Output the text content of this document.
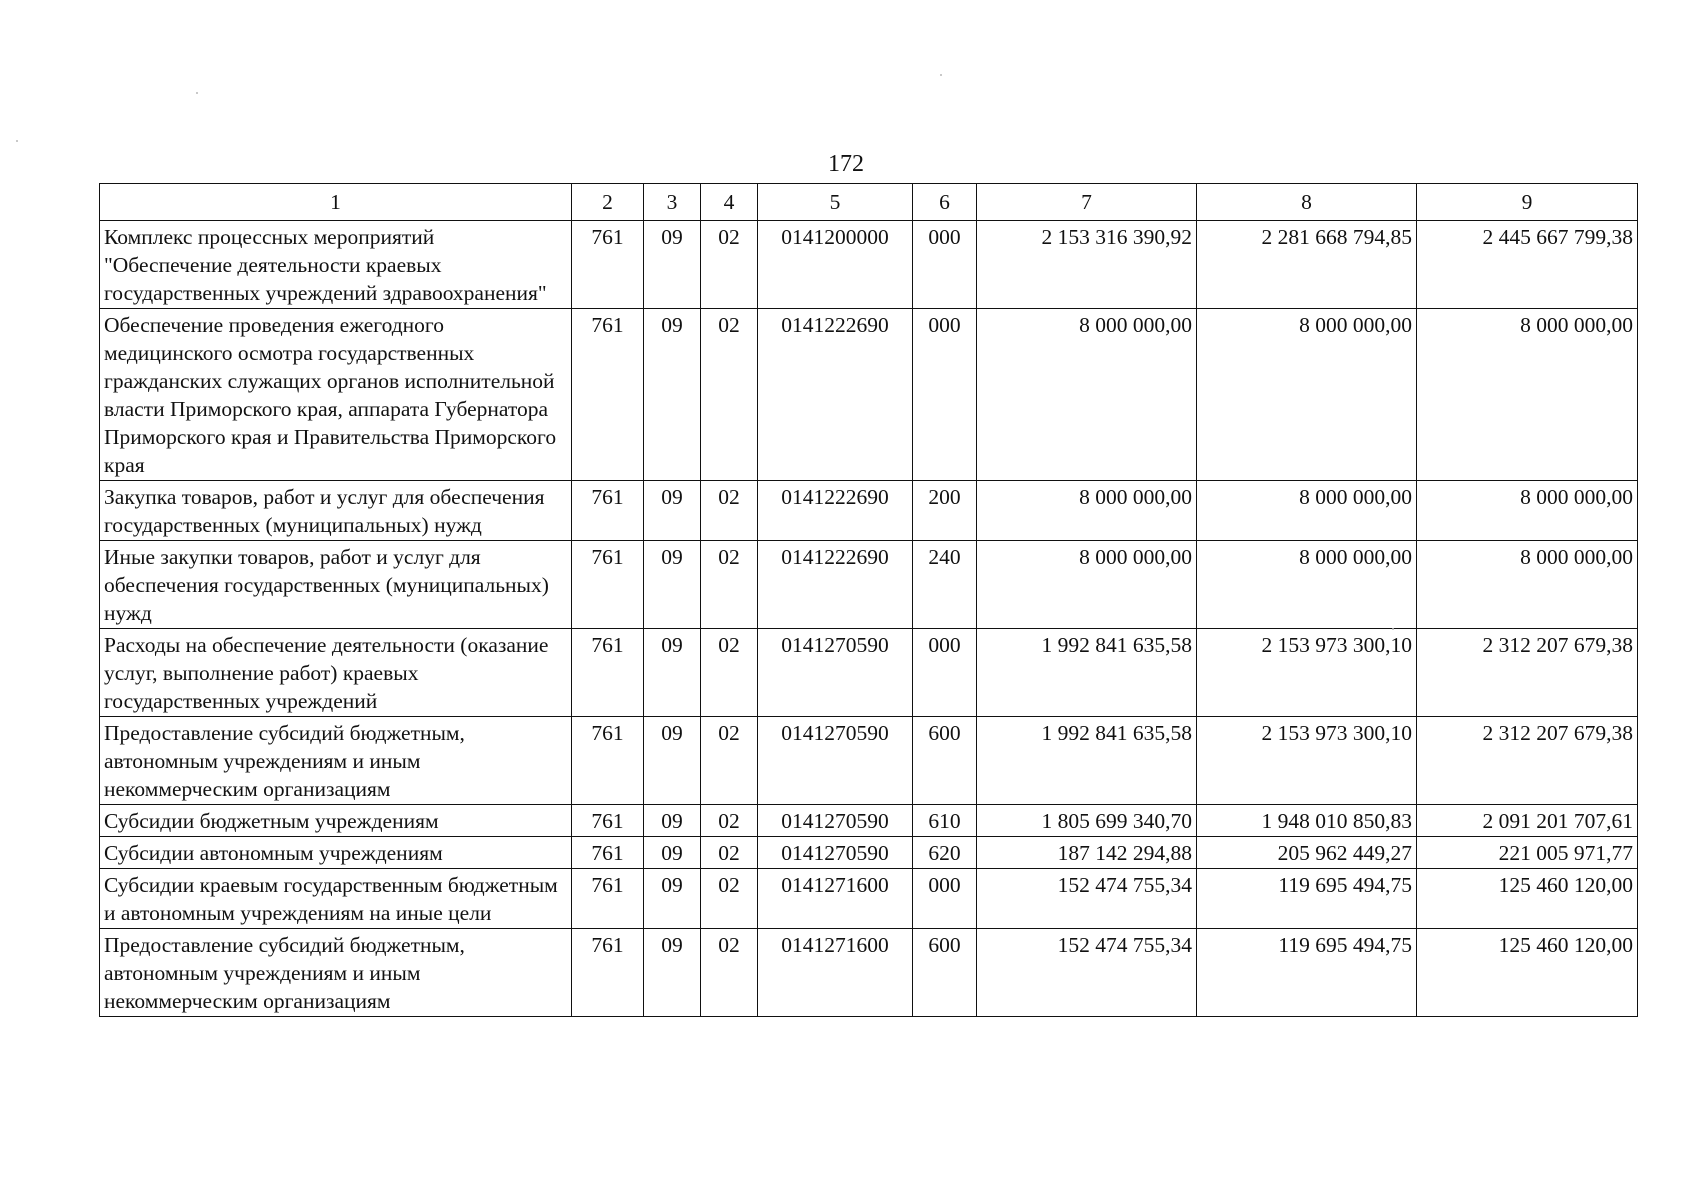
172
1	2	3	4	5	6	7	8	9
Комплекс процессных мероприятий "Обеспечение деятельности краевых государственных учреждений здравоохранения"	761	09	02	0141200000	000	2 153 316 390,92	2 281 668 794,85	2 445 667 799,38
Обеспечение проведения ежегодного медицинского осмотра государственных гражданских служащих органов исполнительной власти Приморского края, аппарата Губернатора Приморского края и Правительства Приморского края	761	09	02	0141222690	000	8 000 000,00	8 000 000,00	8 000 000,00
Закупка товаров, работ и услуг для обеспечения государственных (муниципальных) нужд	761	09	02	0141222690	200	8 000 000,00	8 000 000,00	8 000 000,00
Иные закупки товаров, работ и услуг для обеспечения государственных (муниципальных) нужд	761	09	02	0141222690	240	8 000 000,00	8 000 000,00	8 000 000,00
Расходы на обеспечение деятельности (оказание услуг, выполнение работ) краевых государственных учреждений	761	09	02	0141270590	000	1 992 841 635,58	2 153 973 300,10	2 312 207 679,38
Предоставление субсидий бюджетным, автономным учреждениям и иным некоммерческим организациям	761	09	02	0141270590	600	1 992 841 635,58	2 153 973 300,10	2 312 207 679,38
Субсидии бюджетным учреждениям	761	09	02	0141270590	610	1 805 699 340,70	1 948 010 850,83	2 091 201 707,61
Субсидии автономным учреждениям	761	09	02	0141270590	620	187 142 294,88	205 962 449,27	221 005 971,77
Субсидии краевым государственным бюджетным и автономным учреждениям на иные цели	761	09	02	0141271600	000	152 474 755,34	119 695 494,75	125 460 120,00
Предоставление субсидий бюджетным, автономным учреждениям и иным некоммерческим организациям	761	09	02	0141271600	600	152 474 755,34	119 695 494,75	125 460 120,00
